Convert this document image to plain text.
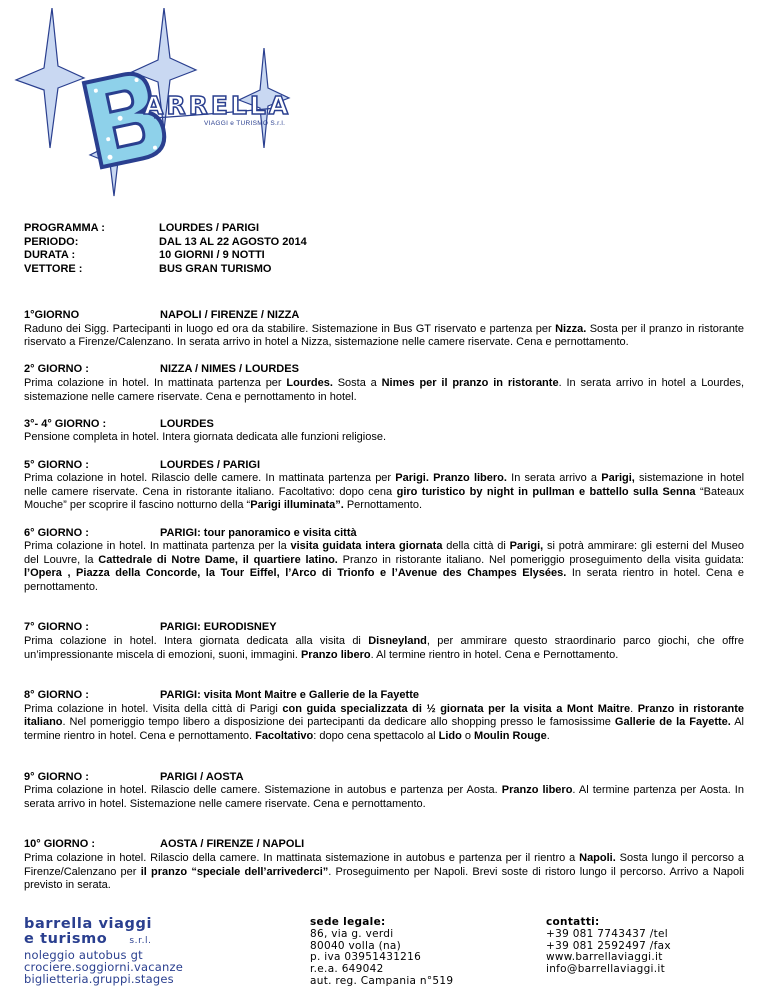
ARRELLA
VIAGGI e TURISMO S.r.l.
PROGRAMMA :	LOURDES / PARIGI
PERIODO:	DAL 13 AL 22 AGOSTO 2014
DURATA :	10 GIORNI / 9 NOTTI
VETTORE :	BUS GRAN TURISMO
1°GIORNO	NAPOLI / FIRENZE / NIZZA
Raduno dei Sigg. Partecipanti in luogo ed ora da stabilire. Sistemazione in Bus GT riservato e partenza per Nizza. Sosta per il pranzo in ristorante riservato a Firenze/Calenzano. In serata arrivo in hotel a Nizza, sistemazione nelle camere riservate. Cena e pernottamento.
2° GIORNO :	NIZZA / NIMES / LOURDES
Prima colazione in hotel. In mattinata partenza per Lourdes. Sosta a Nimes per il pranzo in ristorante. In serata arrivo in hotel a Lourdes, sistemazione nelle camere riservate. Cena e pernottamento in hotel.
3°- 4° GIORNO :	LOURDES
Pensione completa in hotel. Intera giornata dedicata alle funzioni religiose.
5° GIORNO :	LOURDES / PARIGI
Prima colazione in hotel. Rilascio delle camere. In mattinata partenza per Parigi. Pranzo libero. In serata arrivo a Parigi, sistemazione in hotel nelle camere riservate. Cena in ristorante italiano. Facoltativo: dopo cena giro turistico by night in pullman e battello sulla Senna “Bateaux Mouche” per scoprire il fascino notturno della “Parigi illuminata”. Pernottamento.
6° GIORNO :	PARIGI: tour panoramico e visita città
Prima colazione in hotel. In mattinata partenza per la visita guidata intera giornata della città di Parigi, si potrà ammirare: gli esterni del Museo del Louvre, la Cattedrale di Notre Dame, il quartiere latino. Pranzo in ristorante italiano. Nel pomeriggio proseguimento della visita guidata: l’Opera , Piazza della Concorde, la Tour Eiffel, l’Arco di Trionfo e l’Avenue des Champes Elysées. In serata rientro in hotel. Cena e pernottamento.
7° GIORNO :	PARIGI: EURODISNEY
Prima colazione in hotel. Intera giornata dedicata alla visita di Disneyland, per ammirare questo straordinario parco giochi, che offre un’impressionante miscela di emozioni, suoni, immagini. Pranzo libero. Al termine rientro in hotel. Cena e Pernottamento.
8° GIORNO :	PARIGI: visita Mont Maitre e Gallerie de la Fayette
Prima colazione in hotel. Visita della città di Parigi con guida specializzata di ½ giornata per la visita a Mont Maitre. Pranzo in ristorante italiano. Nel pomeriggio tempo libero a disposizione dei partecipanti da dedicare allo shopping presso le famosissime Gallerie de la Fayette. Al termine rientro in hotel. Cena e pernottamento. Facoltativo: dopo cena spettacolo al Lido o Moulin Rouge.
9° GIORNO :	PARIGI / AOSTA
Prima colazione in hotel. Rilascio delle camere. Sistemazione in autobus e partenza per Aosta. Pranzo libero. Al termine partenza per Aosta. In serata arrivo in hotel. Sistemazione nelle camere riservate. Cena e pernottamento.
10° GIORNO :	AOSTA / FIRENZE / NAPOLI
Prima colazione in hotel. Rilascio della camere. In mattinata sistemazione in autobus e partenza per il rientro a Napoli. Sosta lungo il percorso a Firenze/Calenzano per il pranzo “speciale dell’arrivederci”. Proseguimento per Napoli. Brevi soste di ristoro lungo il percorso. Arrivo a Napoli previsto in serata.
barrella viaggi
e turismo s.r.l.
noleggio autobus gt
crociere.soggiorni.vacanze
biglietteria.gruppi.stages
sede legale:
86, via g. verdi
80040 volla (na)
p. iva 03951431216
r.e.a. 649042
aut. reg. Campania n°519
contatti:
+39 081 7743437 /tel
+39 081 2592497 /fax
www.barrellaviaggi.it
info@barrellaviaggi.it
